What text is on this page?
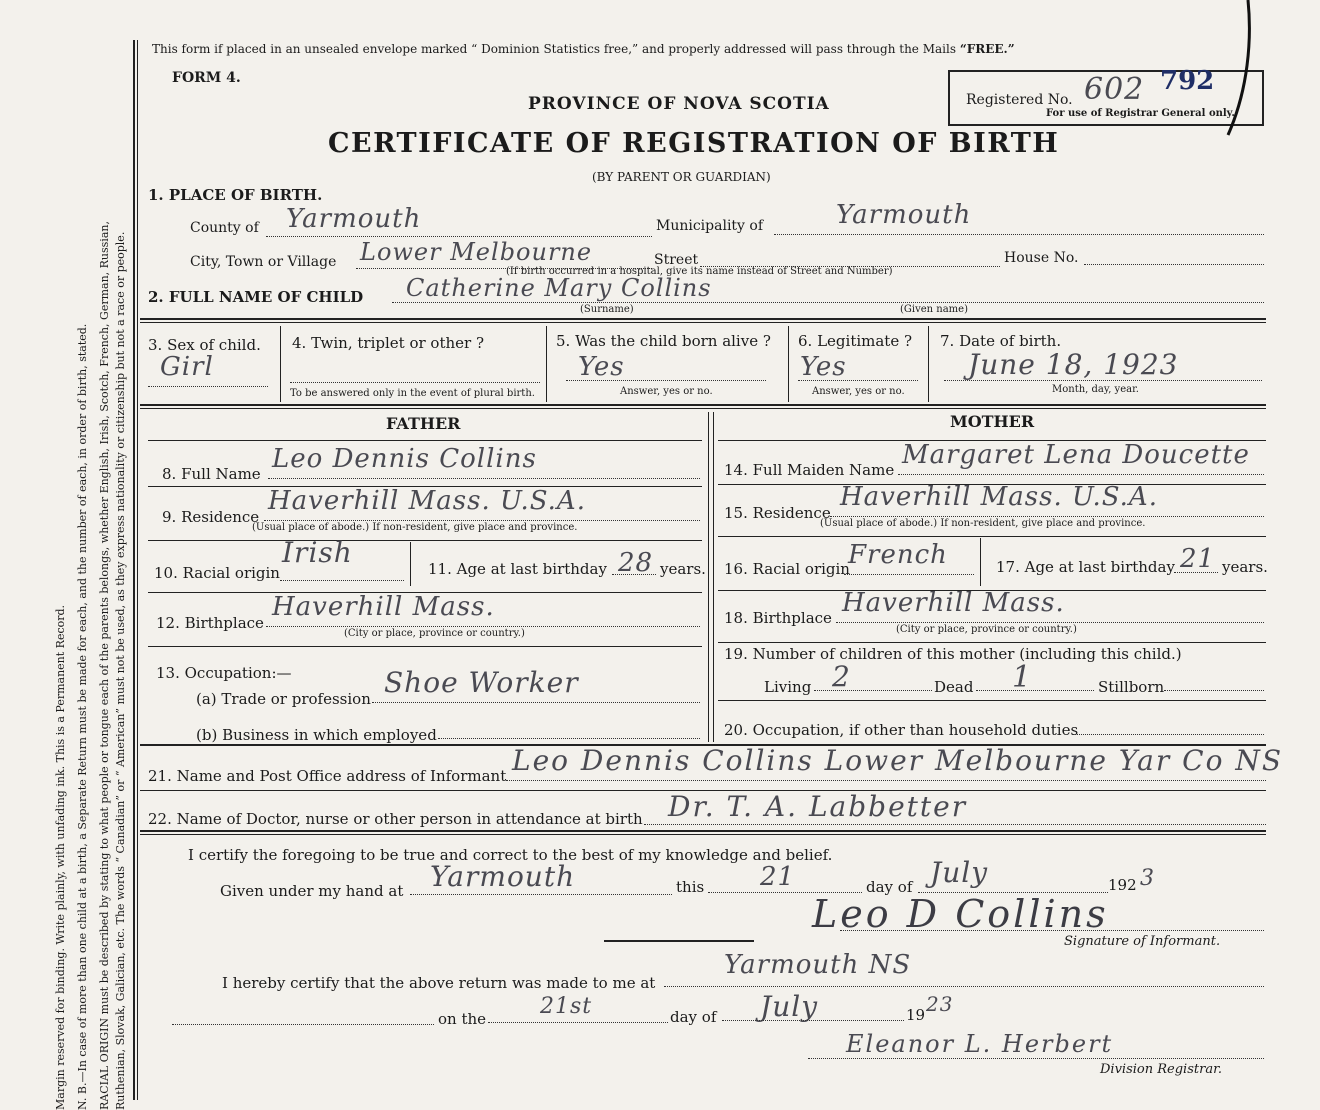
Margin reserved for binding. Write plainly, with unfading ink. This is a Permanent Record. N. B.—In case of more than one child at a birth, a Separate Return must be made for each, and the number of each, in order of birth, stated. RACIAL ORIGIN must be described by stating to what people or tongue each of the parents belongs, whether English, Irish, Scotch, French, German, Russian, Ruthenian, Slovak, Galician, etc. The words “ Canadian” or “ American” must not be used, as they express nationality or citizenship but not a race or people.
This form if placed in an unsealed envelope marked “ Dominion Statistics free,” and properly addressed will pass through the Mails “FREE.”
FORM 4.
PROVINCE OF NOVA SCOTIA
CERTIFICATE OF REGISTRATION OF BIRTH
(BY PARENT OR GUARDIAN)
Registered No. 602 792
For use of Registrar General only.
1. PLACE OF BIRTH.
County of Yarmouth	Municipality of	Yarmouth
City, Town or Village Lower Melbourne	Street	House No.
(If birth occurred in a hospital, give its name instead of Street and Number)
2. FULL NAME OF CHILD Catherine Mary Collins
(Surname)	(Given name)
3. Sex of child.
Girl
4. Twin, triplet or other ?
To be answered only in the event of plural birth.
5. Was the child born alive ?
Yes
Answer, yes or no.
6. Legitimate ?
Yes
Answer, yes or no.
7. Date of birth.
June 18, 1923
Month, day, year.
FATHER	MOTHER
8. Full Name Leo Dennis Collins
9. Residence
Haverhill Mass. U.S.A.
(Usual place of abode.) If non-resident, give place and province.
10. Racial origin
Irish	11. Age at last birthday 28 years.
12. Birthplace
Haverhill Mass.
(City or place, province or country.)
13. Occupation:—
(a) Trade or profession Shoe Worker
(b) Business in which employed
14. Full Maiden Name Margaret Lena Doucette
15. Residence
Haverhill Mass. U.S.A.
(Usual place of abode.) If non-resident, give place and province.
16. Racial origin
French	17. Age at last birthday 21 years.
18. Birthplace Haverhill Mass.
(City or place, province or country.)
19. Number of children of this mother (including this child.)
Living 2	Dead 1	Stillborn
20. Occupation, if other than household duties
21. Name and Post Office address of Informant Leo Dennis Collins Lower Melbourne Yar Co NS
22. Name of Doctor, nurse or other person in attendance at birth Dr. T. A. Labbetter
I certify the foregoing to be true and correct to the best of my knowledge and belief.
Given under my hand at Yarmouth	this 21	day of July	192 3
Leo D Collins
Signature of Informant.
I hereby certify that the above return was made to me at
Yarmouth NS
on the 21st	day of July	19 23
Eleanor L. Herbert
Division Registrar.
